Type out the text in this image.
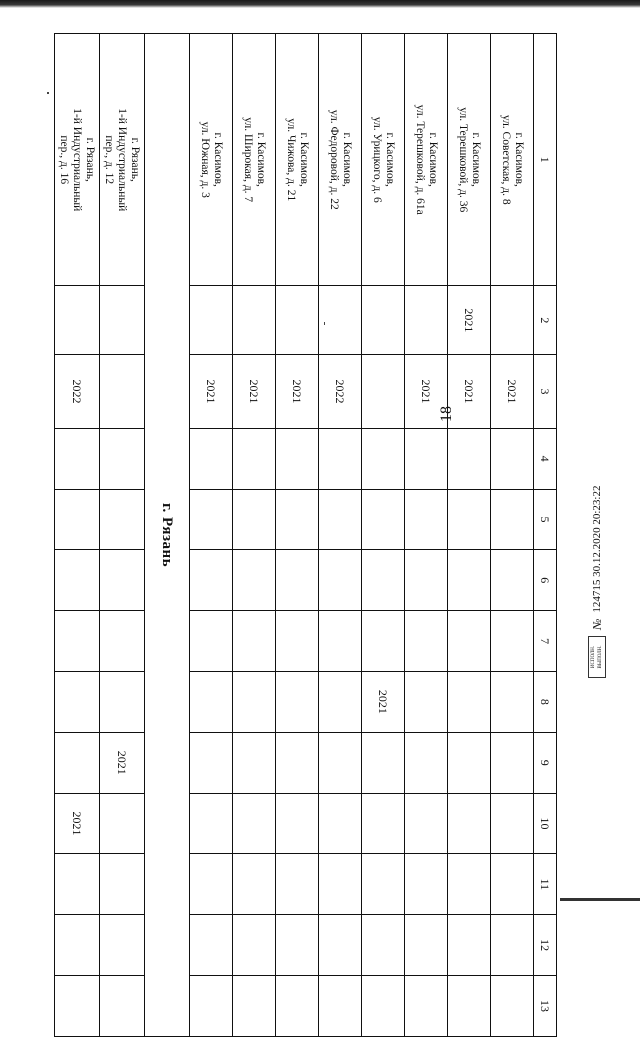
18
1	2	3	4	5	6	7	8	9	10	11	12	13

г. Касимов,
ул. Советская, д. 8		2021										

г. Касимов,
ул. Терешковой, д. 36	2021	2021										

г. Касимов,
ул. Терешковой, д. 61а		2021										

г. Касимов,
ул. Урицкого, д. 6							2021					

г. Касимов,
ул. Федоровой, д. 22		2022										

г. Касимов,
ул. Чижова, д. 21		2021										

г. Касимов,
ул. Широкая, д. 7		2021										

г. Касимов,
ул. Южная, д. 3		2021										
г. Рязань												

г. Рязань,
1-й Индустриальный
пер., д. 12								2021				

г. Рязань,
1-й Индустриальный
пер., д. 16		2022							2021			
ИСПОЛН. ВЫПОЛН.
№
124715 30.12.2020 20:23:22
